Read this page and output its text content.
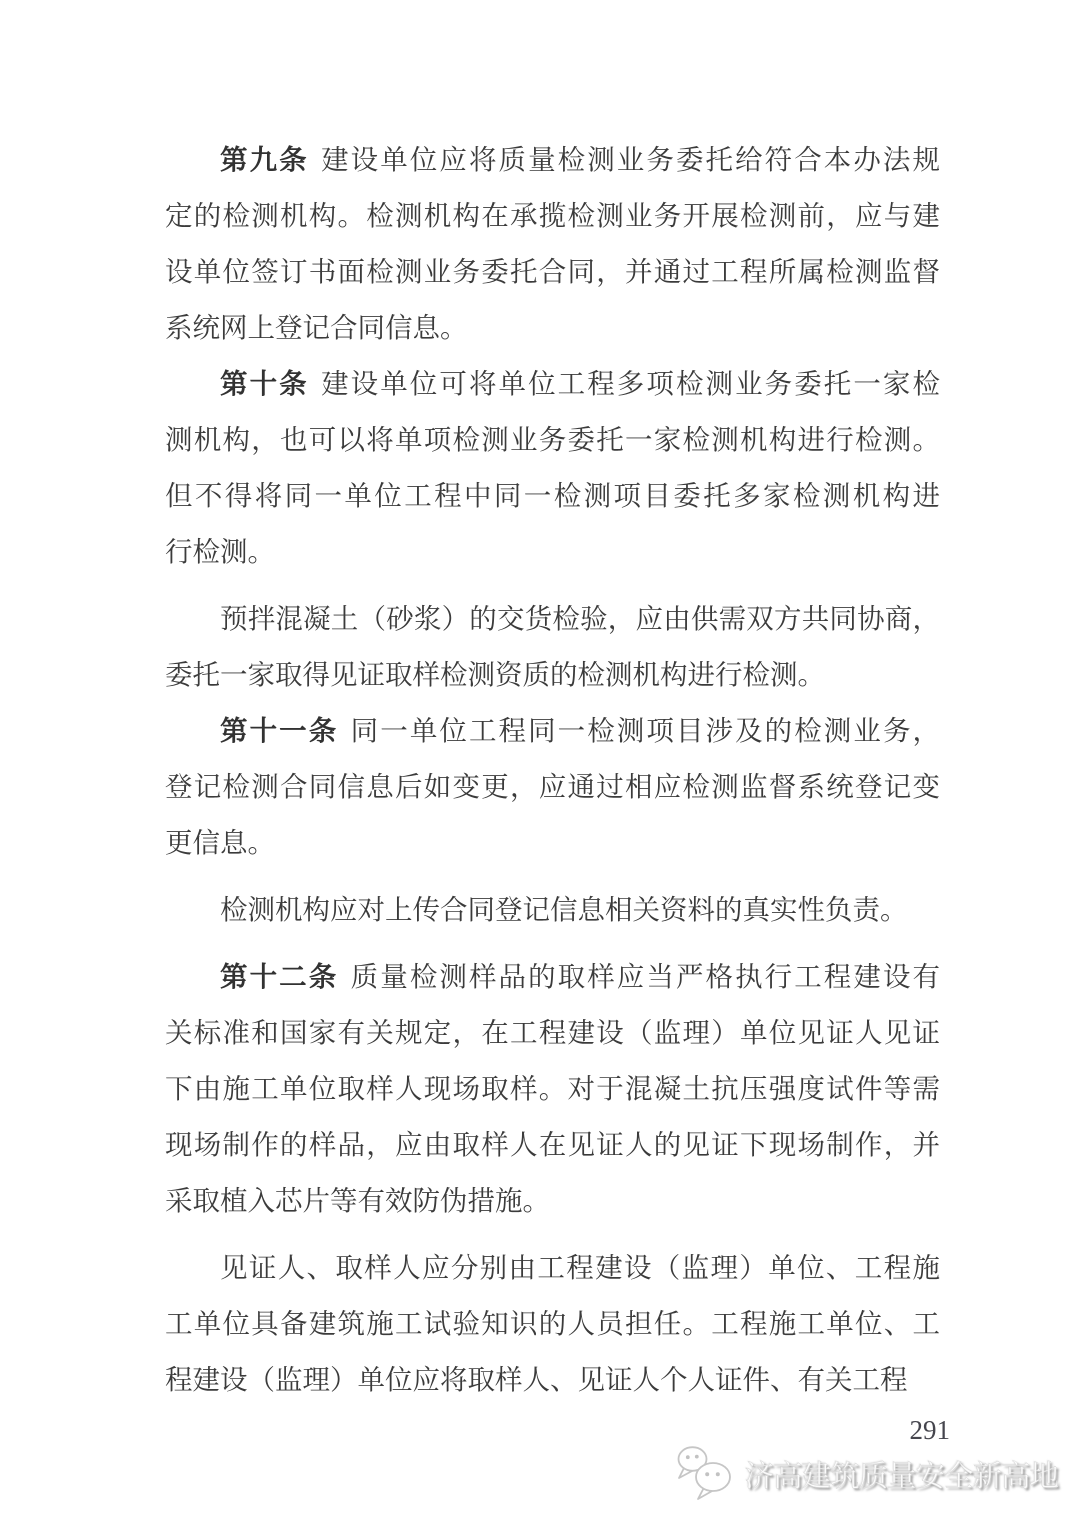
第九条 建设单位应将质量检测业务委托给符合本办法规
定的检测机构。检测机构在承揽检测业务开展检测前，应与建
设单位签订书面检测业务委托合同，并通过工程所属检测监督
系统网上登记合同信息。
第十条 建设单位可将单位工程多项检测业务委托一家检
测机构，也可以将单项检测业务委托一家检测机构进行检测。
但不得将同一单位工程中同一检测项目委托多家检测机构进
行检测。
预拌混凝土（砂浆）的交货检验，应由供需双方共同协商，
委托一家取得见证取样检测资质的检测机构进行检测。
第十一条 同一单位工程同一检测项目涉及的检测业务，
登记检测合同信息后如变更，应通过相应检测监督系统登记变
更信息。
检测机构应对上传合同登记信息相关资料的真实性负责。
第十二条 质量检测样品的取样应当严格执行工程建设有
关标准和国家有关规定，在工程建设（监理）单位见证人见证
下由施工单位取样人现场取样。对于混凝土抗压强度试件等需
现场制作的样品，应由取样人在见证人的见证下现场制作，并
采取植入芯片等有效防伪措施。
见证人、取样人应分别由工程建设（监理）单位、工程施
工单位具备建筑施工试验知识的人员担任。工程施工单位、工
程建设（监理）单位应将取样人、见证人个人证件、有关工程
291
济高建筑质量安全新高地
